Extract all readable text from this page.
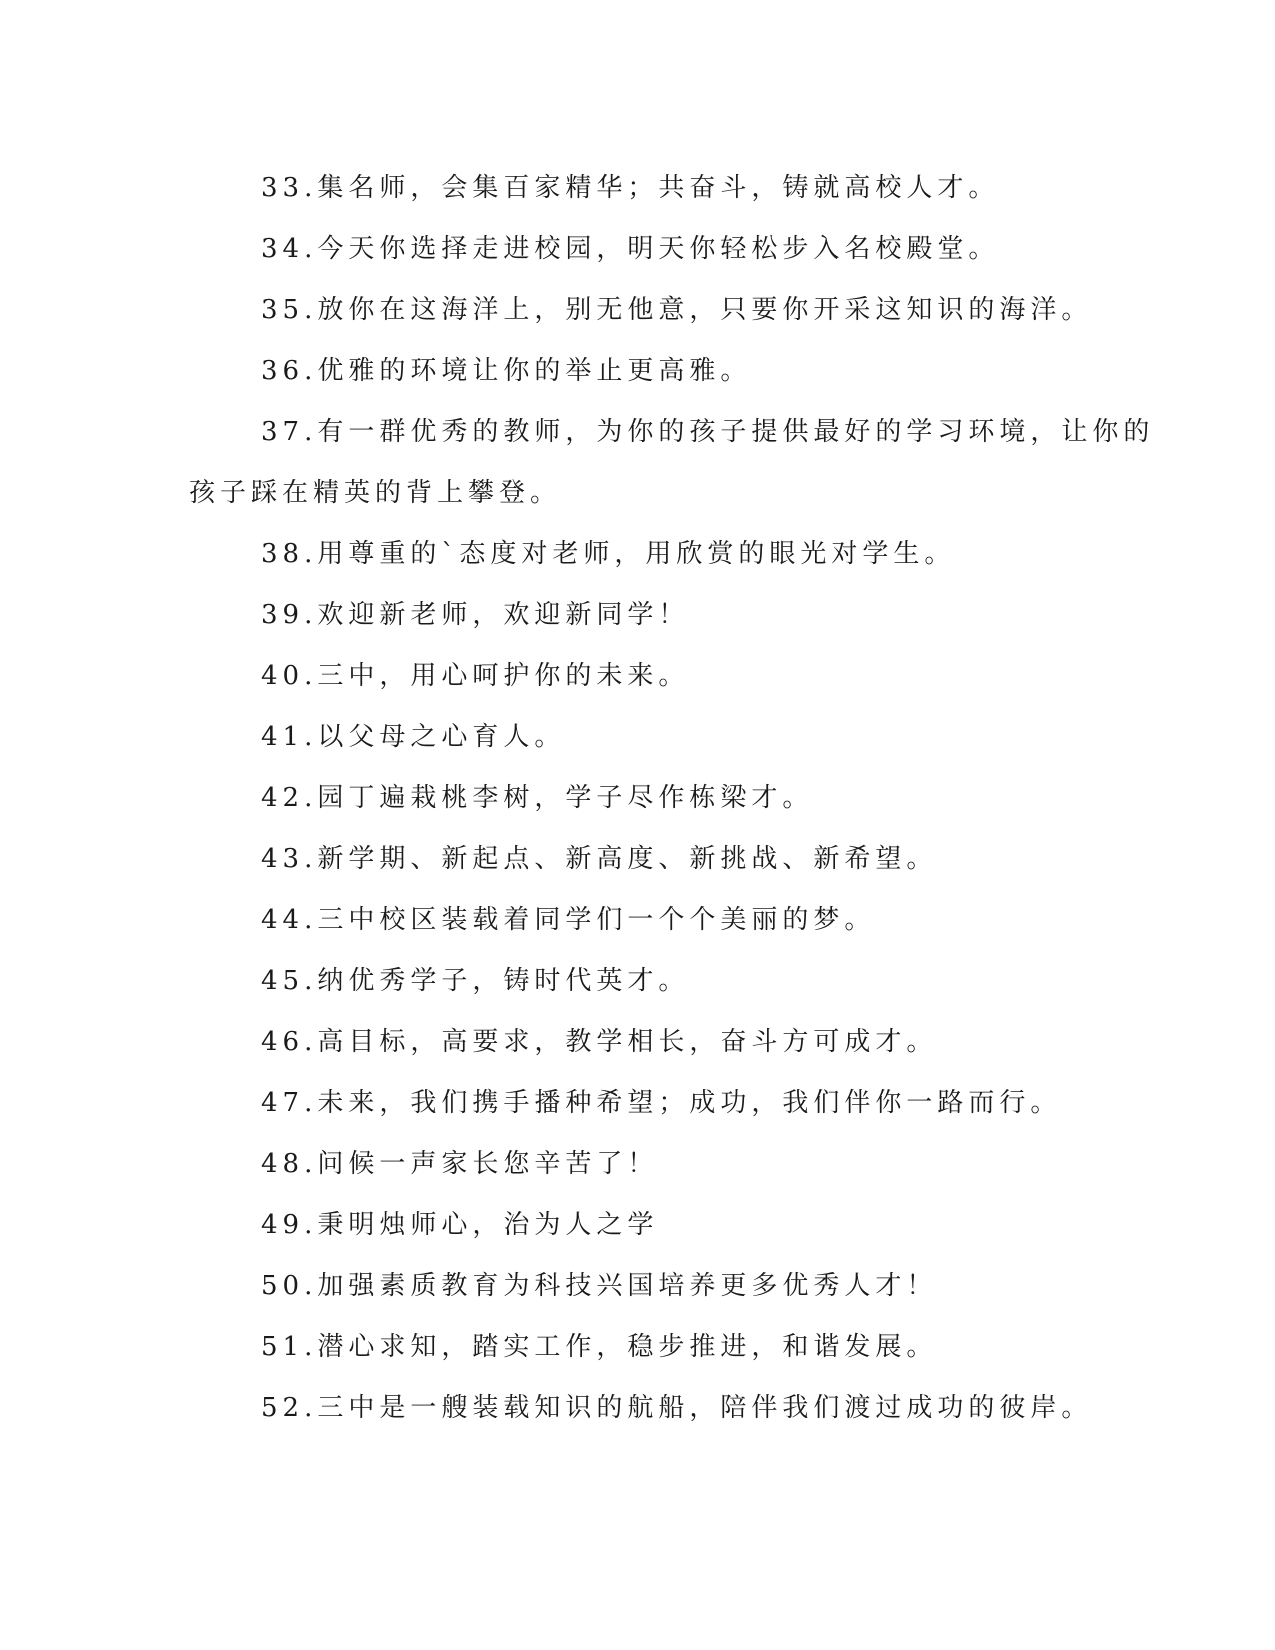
33.集名师，会集百家精华；共奋斗，铸就高校人才。
34.今天你选择走进校园，明天你轻松步入名校殿堂。
35.放你在这海洋上，别无他意，只要你开采这知识的海洋。
36.优雅的环境让你的举止更高雅。
37.有一群优秀的教师，为你的孩子提供最好的学习环境，让你的
孩子踩在精英的背上攀登。
38.用尊重的`态度对老师，用欣赏的眼光对学生。
39.欢迎新老师，欢迎新同学！
40.三中，用心呵护你的未来。
41.以父母之心育人。
42.园丁遍栽桃李树，学子尽作栋梁才。
43.新学期、新起点、新高度、新挑战、新希望。
44.三中校区装载着同学们一个个美丽的梦。
45.纳优秀学子，铸时代英才。
46.高目标，高要求，教学相长，奋斗方可成才。
47.未来，我们携手播种希望；成功，我们伴你一路而行。
48.问候一声家长您辛苦了！
49.秉明烛师心，治为人之学
50.加强素质教育为科技兴国培养更多优秀人才！
51.潜心求知，踏实工作，稳步推进，和谐发展。
52.三中是一艘装载知识的航船，陪伴我们渡过成功的彼岸。
